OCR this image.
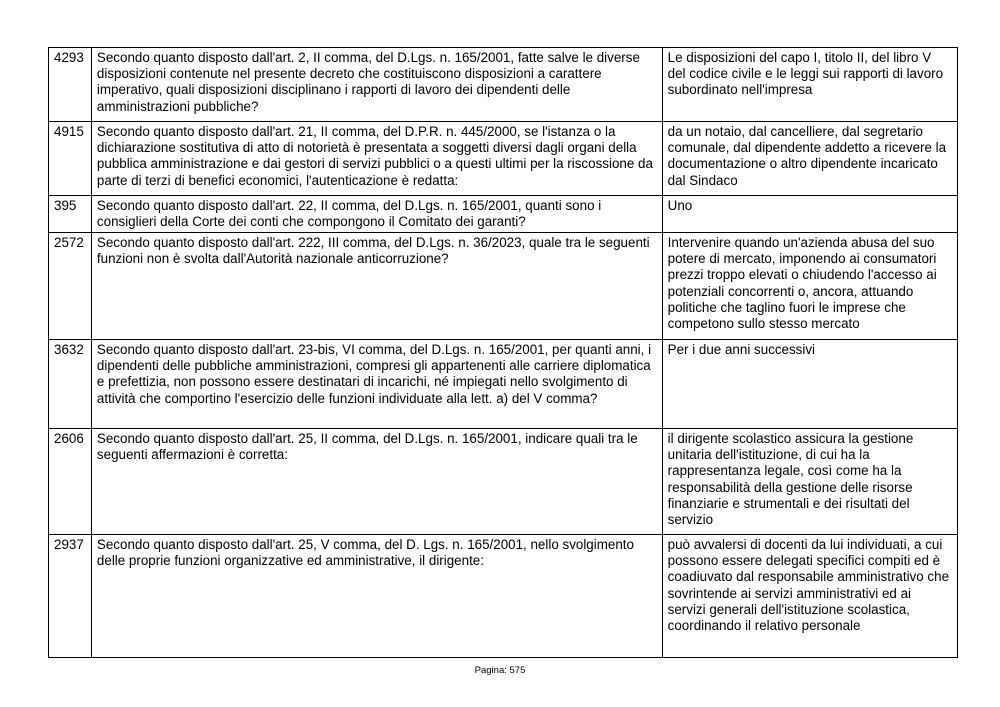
4293	Secondo quanto disposto dall'art. 2, II comma, del D.Lgs. n. 165/2001, fatte salve le diverse disposizioni contenute nel presente decreto che costituiscono disposizioni a carattere imperativo, quali disposizioni disciplinano i rapporti di lavoro dei dipendenti delle amministrazioni pubbliche?	Le disposizioni del capo I, titolo II, del libro V del codice civile e le leggi sui rapporti di lavoro subordinato nell'impresa
4915	Secondo quanto disposto dall'art. 21, II comma, del D.P.R. n. 445/2000, se l'istanza o la dichiarazione sostitutiva di atto di notorietà è presentata a soggetti diversi dagli organi della pubblica amministrazione e dai gestori di servizi pubblici o a questi ultimi per la riscossione da parte di terzi di benefici economici, l'autenticazione è redatta:	da un notaio, dal cancelliere, dal segretario comunale, dal dipendente addetto a ricevere la documentazione o altro dipendente incaricato dal Sindaco
395	Secondo quanto disposto dall'art. 22, II comma, del D.Lgs. n. 165/2001, quanti sono i consiglieri della Corte dei conti che compongono il Comitato dei garanti?	Uno
2572	Secondo quanto disposto dall'art. 222, III comma, del D.Lgs. n. 36/2023, quale tra le seguenti funzioni non è svolta dall'Autorità nazionale anticorruzione?	Intervenire quando un'azienda abusa del suo potere di mercato, imponendo ai consumatori prezzi troppo elevati o chiudendo l'accesso ai potenziali concorrenti o, ancora, attuando politiche che taglino fuori le imprese che competono sullo stesso mercato
3632	Secondo quanto disposto dall'art. 23-bis, VI comma, del D.Lgs. n. 165/2001, per quanti anni, i dipendenti delle pubbliche amministrazioni, compresi gli appartenenti alle carriere diplomatica e prefettizia, non possono essere destinatari di incarichi, né impiegati nello svolgimento di attività che comportino l'esercizio delle funzioni individuate alla lett. a) del V comma?	Per i due anni successivi
2606	Secondo quanto disposto dall'art. 25, II comma, del D.Lgs. n. 165/2001, indicare quali tra le seguenti affermazioni è corretta:	il dirigente scolastico assicura la gestione unitaria dell'istituzione, di cui ha la rappresentanza legale, così come ha la responsabilità della gestione delle risorse finanziarie e strumentali e dei risultati del servizio
2937	Secondo quanto disposto dall'art. 25, V comma, del D. Lgs. n. 165/2001, nello svolgimento delle proprie funzioni organizzative ed amministrative, il dirigente:	può avvalersi di docenti da lui individuati, a cui possono essere delegati specifici compiti ed è coadiuvato dal responsabile amministrativo che sovrintende ai servizi amministrativi ed ai servizi generali dell'istituzione scolastica, coordinando il relativo personale
Pagina: 575
